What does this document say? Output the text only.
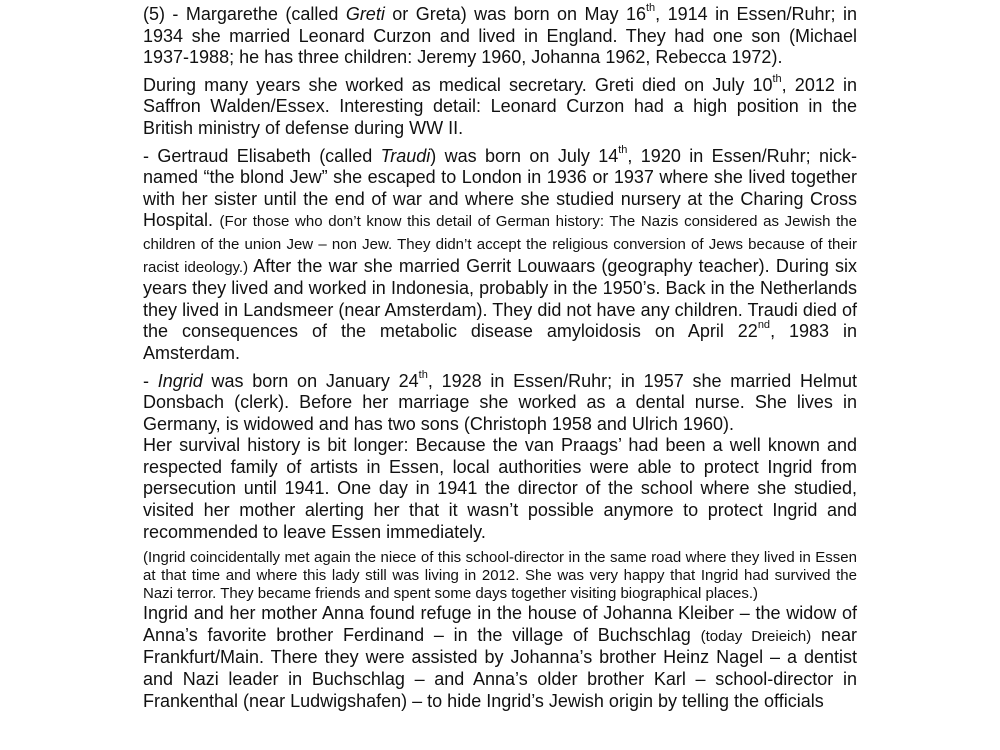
(5) - Margarethe (called Greti or Greta) was born on May 16th, 1914 in Essen/Ruhr; in 1934 she married Leonard Curzon and lived in England. They had one son (Michael 1937-1988; he has three children: Jeremy 1960, Johanna 1962, Rebecca 1972).

During many years she worked as medical secretary. Greti died on July 10th, 2012 in Saffron Walden/Essex. Interesting detail: Leonard Curzon had a high position in the British ministry of defense during WW II.

- Gertraud Elisabeth (called Traudi) was born on July 14th, 1920 in Essen/Ruhr; nick-named “the blond Jew” she escaped to London in 1936 or 1937 where she lived together with her sister until the end of war and where she studied nursery at the Charing Cross Hospital. (For those who don’t know this detail of German history: The Nazis considered as Jewish the children of the union Jew – non Jew. They didn’t accept the religious conversion of Jews because of their racist ideology.) After the war she married Gerrit Louwaars (geography teacher). During six years they lived and worked in Indonesia, probably in the 1950’s. Back in the Netherlands they lived in Landsmeer (near Amsterdam). They did not have any children. Traudi died of the consequences of the metabolic disease amyloidosis on April 22nd, 1983 in Amsterdam.

- Ingrid was born on January 24th, 1928 in Essen/Ruhr; in 1957 she married Helmut Donsbach (clerk). Before her marriage she worked as a dental nurse. She lives in Germany, is widowed and has two sons (Christoph 1958 and Ulrich 1960).

Her survival history is bit longer: Because the van Praags’ had been a well known and respected family of artists in Essen, local authorities were able to protect Ingrid from persecution until 1941. One day in 1941 the director of the school where she studied, visited her mother alerting her that it wasn’t possible anymore to protect Ingrid and recommended to leave Essen immediately.

(Ingrid coincidentally met again the niece of this school-director in the same road where they lived in Essen at that time and where this lady still was living in 2012. She was very happy that Ingrid had survived the Nazi terror. They became friends and spent some days together visiting biographical places.)

Ingrid and her mother Anna found refuge in the house of Johanna Kleiber – the widow of Anna’s favorite brother Ferdinand – in the village of Buchschlag (today Dreieich) near Frankfurt/Main. There they were assisted by Johanna’s brother Heinz Nagel – a dentist and Nazi leader in Buchschlag – and Anna’s older brother Karl – school-director in Frankenthal (near Ludwigshafen) – to hide Ingrid’s Jewish origin by telling the officials
